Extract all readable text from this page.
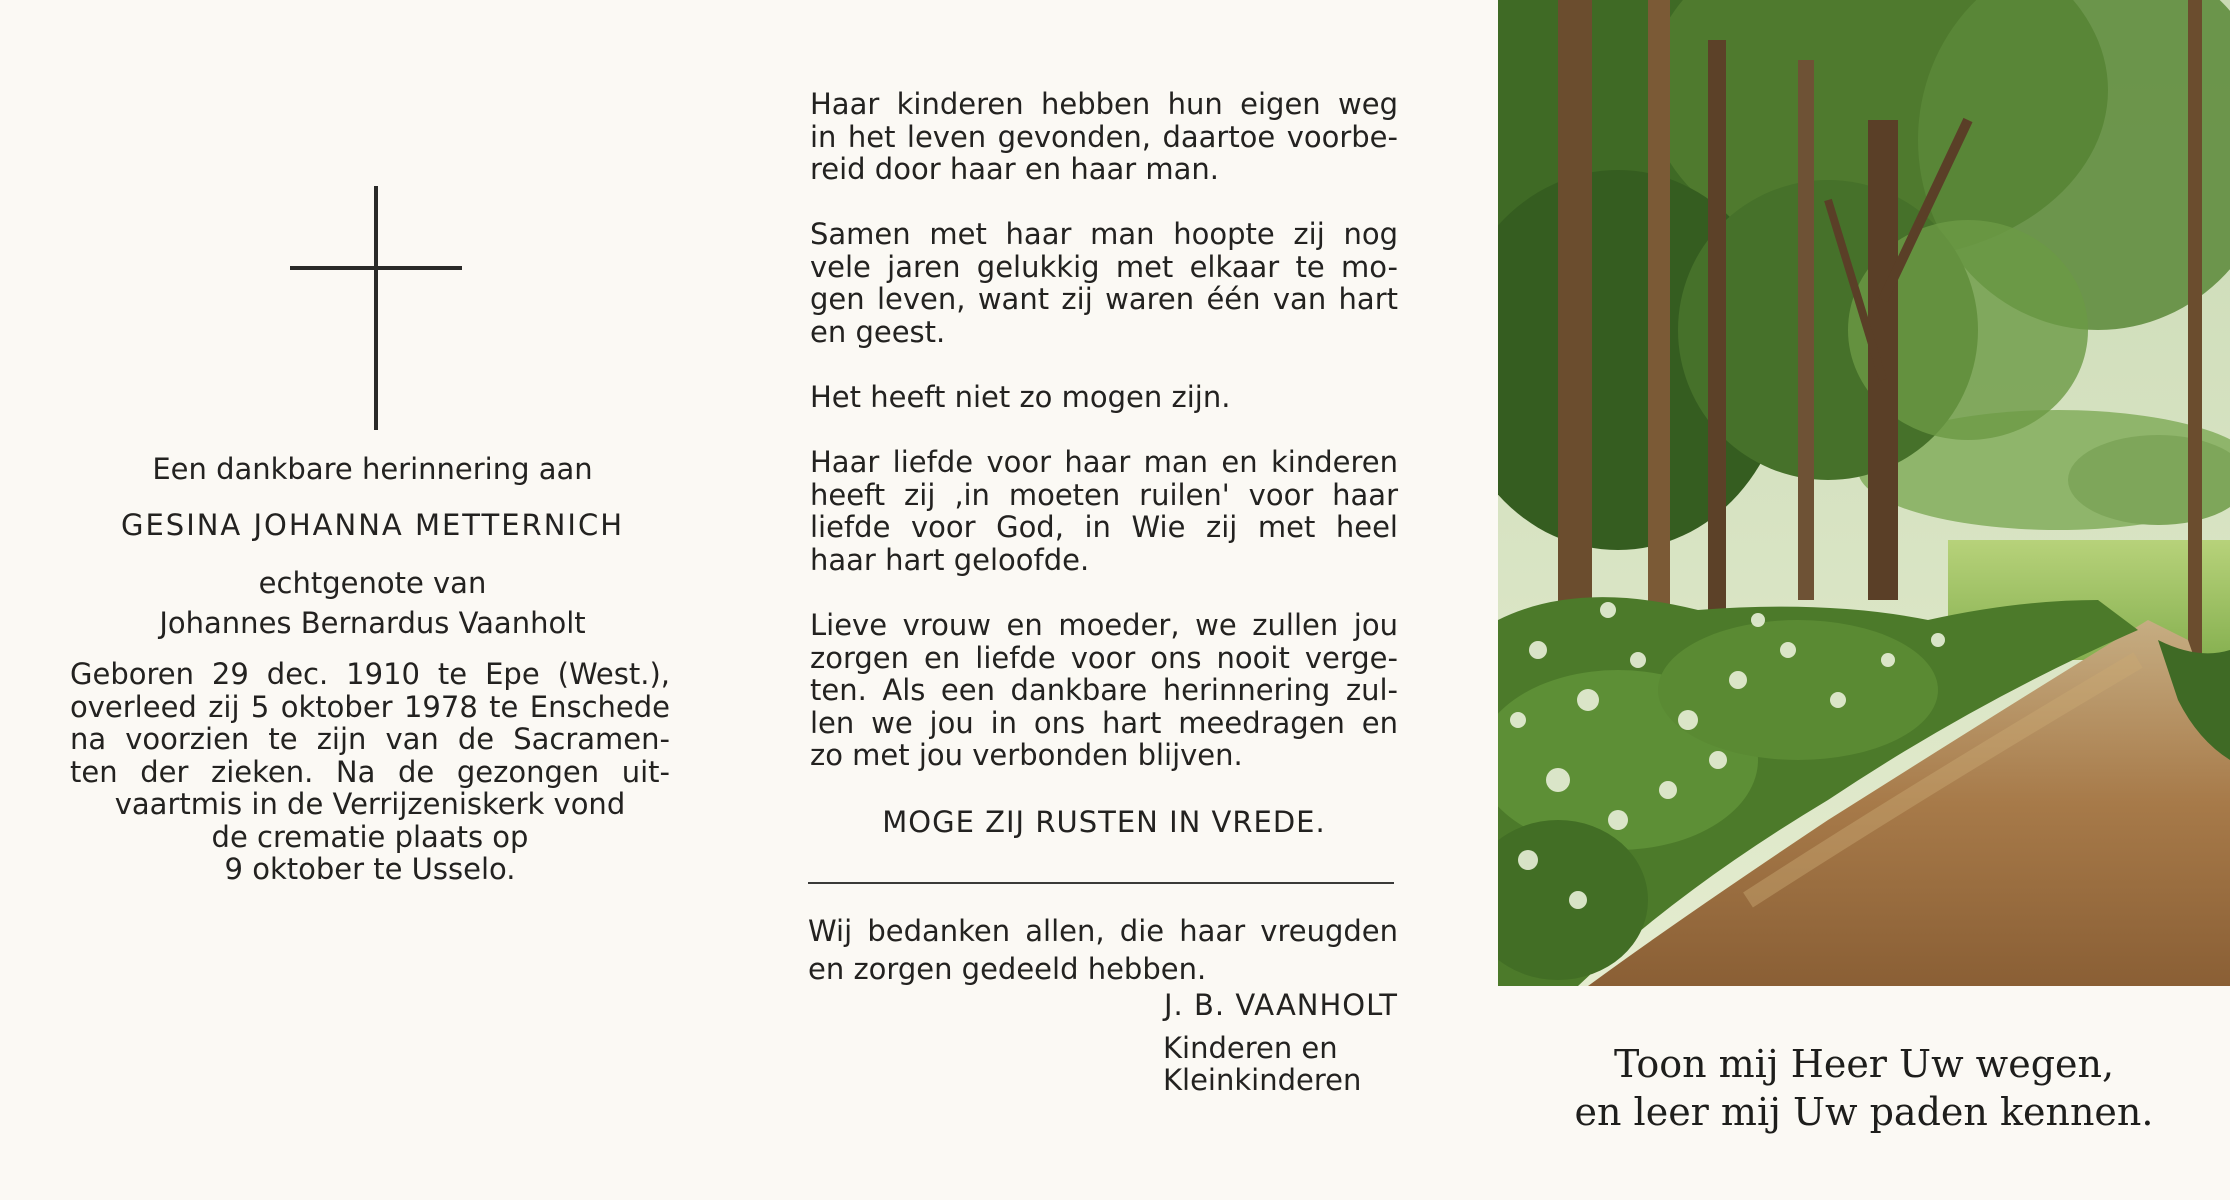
Een dankbare herinnering aan
GESINA JOHANNA METTERNICH
echtgenote van
Johannes Bernardus Vaanholt
Geboren 29 dec. 1910 te Epe (West.),
overleed zij 5 oktober 1978 te Enschede
na voorzien te zijn van de Sacramen-
ten der zieken. Na de gezongen uit-
vaartmis in de Verrijzeniskerk vond
de crematie plaats op
9 oktober te Usselo.
Haar kinderen hebben hun eigen weg
in het leven gevonden, daartoe voorbe-
reid door haar en haar man.
Samen met haar man hoopte zij nog
vele jaren gelukkig met elkaar te mo-
gen leven, want zij waren één van hart
en geest.
Het heeft niet zo mogen zijn.
Haar liefde voor haar man en kinderen
heeft zij ‚in moeten ruilen' voor haar
liefde voor God, in Wie zij met heel
haar hart geloofde.
Lieve vrouw en moeder, we zullen jou
zorgen en liefde voor ons nooit verge-
ten. Als een dankbare herinnering zul-
len we jou in ons hart meedragen en
zo met jou verbonden blijven.
MOGE ZIJ RUSTEN IN VREDE.
Wij bedanken allen, die haar vreugden
en zorgen gedeeld hebben.
J. B. VAANHOLT
Kinderen en
Kleinkinderen	Toon mij Heer Uw wegen,
en leer mij Uw paden kennen.
